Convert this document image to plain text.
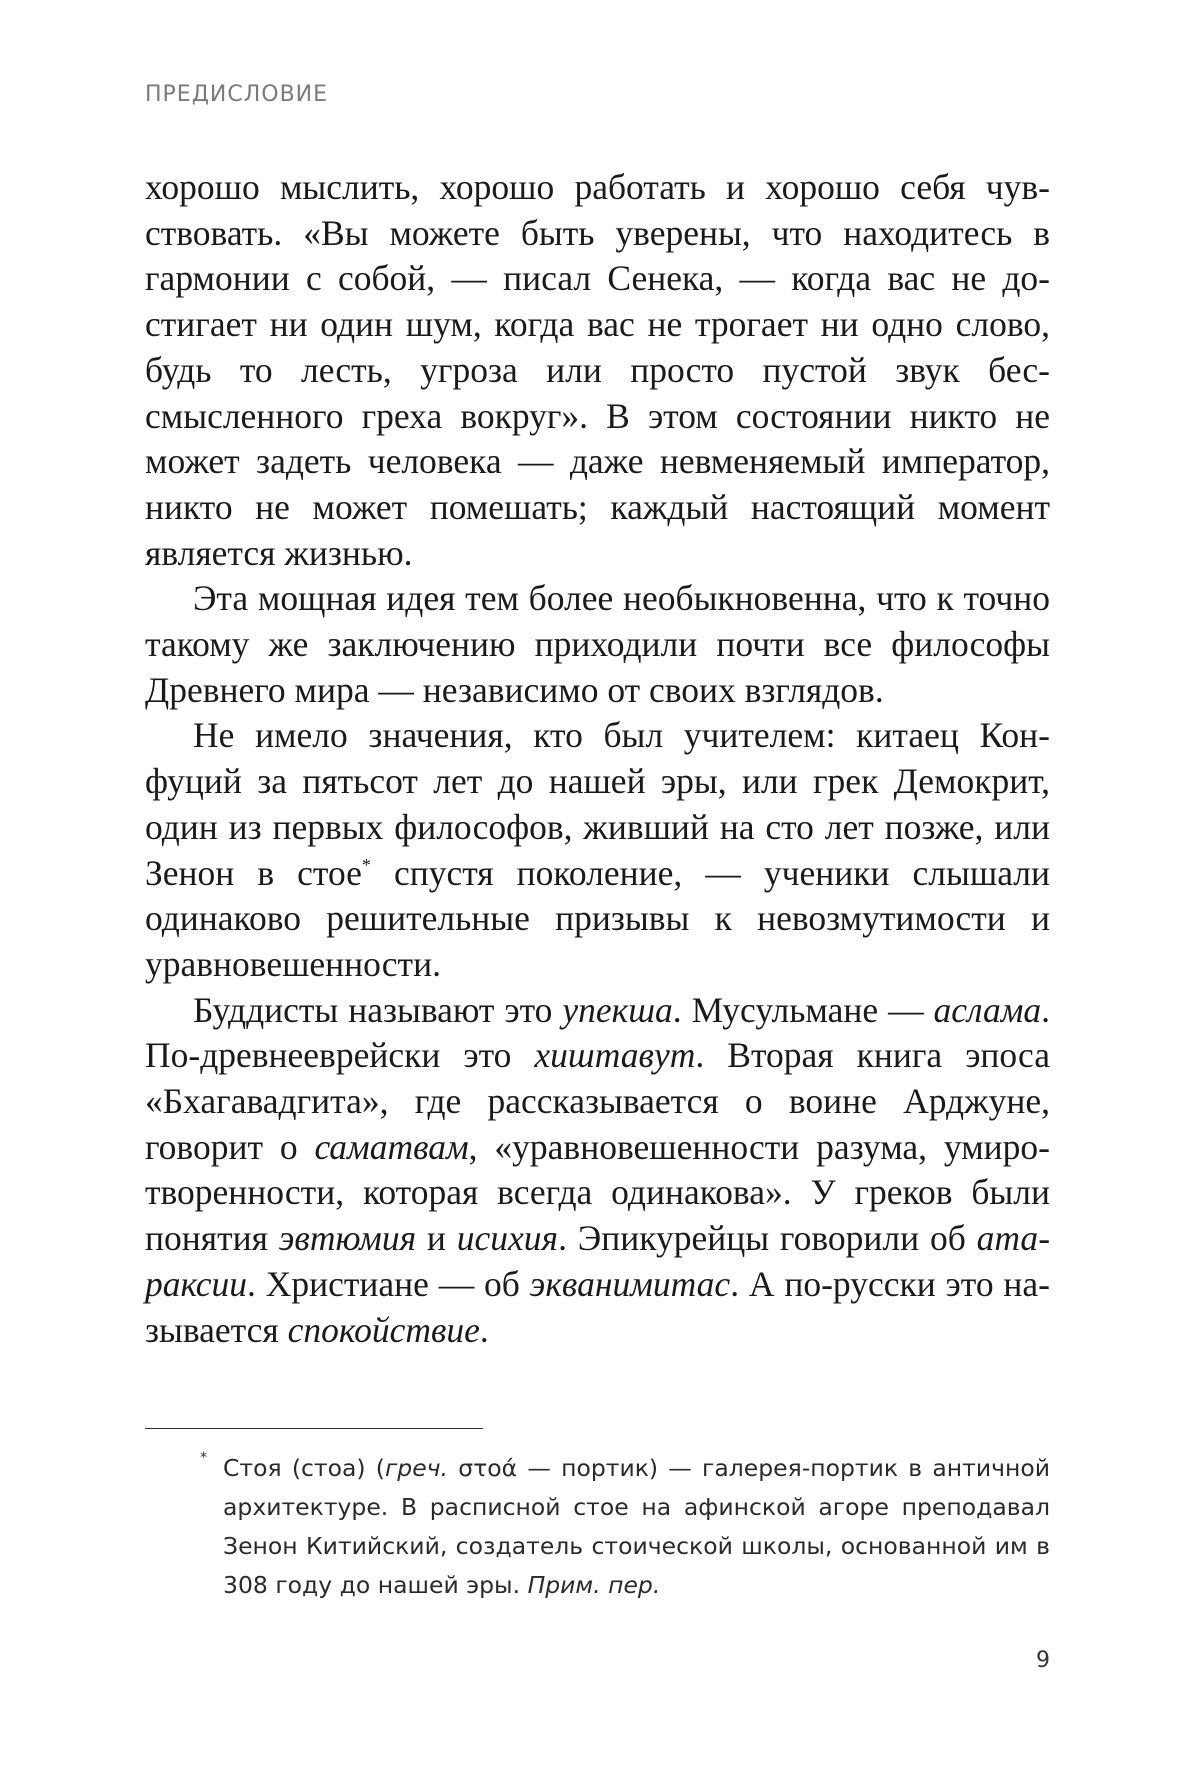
ПРЕДИСЛОВИЕ

хорошо мыслить, хорошо работать и хорошо себя чувствовать. «Вы можете быть уверены, что находитесь в гармонии с собой, — писал Сенека, — когда вас не достигает ни один шум, когда вас не трогает ни одно слово, будь то лесть, угроза или просто пустой звук бессмысленного греха вокруг». В этом состоянии никто не может задеть человека — даже невменяемый император, никто не может помешать; каждый настоящий момент является жизнью.

Эта мощная идея тем более необыкновенна, что к точно такому же заключению приходили почти все философы Древнего мира — независимо от своих взглядов.

Не имело значения, кто был учителем: китаец Конфуций за пятьсот лет до нашей эры, или грек Демокрит, один из первых философов, живший на сто лет позже, или Зенон в стое* спустя поколение, — ученики слышали одинаково решительные призывы к невозмутимости и уравновешенности.

Буддисты называют это упекша. Мусульмане — аслама. По-древнееврейски это хиштавут. Вторая книга эпоса «Бхагавадгита», где рассказывается о воине Арджуне, говорит о саматвам, «уравновешенности разума, умиротворенности, которая всегда одинакова». У греков были понятия эвтюмия и исихия. Эпикурейцы говорили об атараксии. Христиане — об экванимитас. А по-русски это называется спокойствие.

* Стоя (стоа) (греч. στοά — портик) — галерея-портик в античной архитектуре. В расписной стое на афинской агоре преподавал Зенон Китийский, создатель стоической школы, основанной им в 308 году до нашей эры. Прим. пер.
9
